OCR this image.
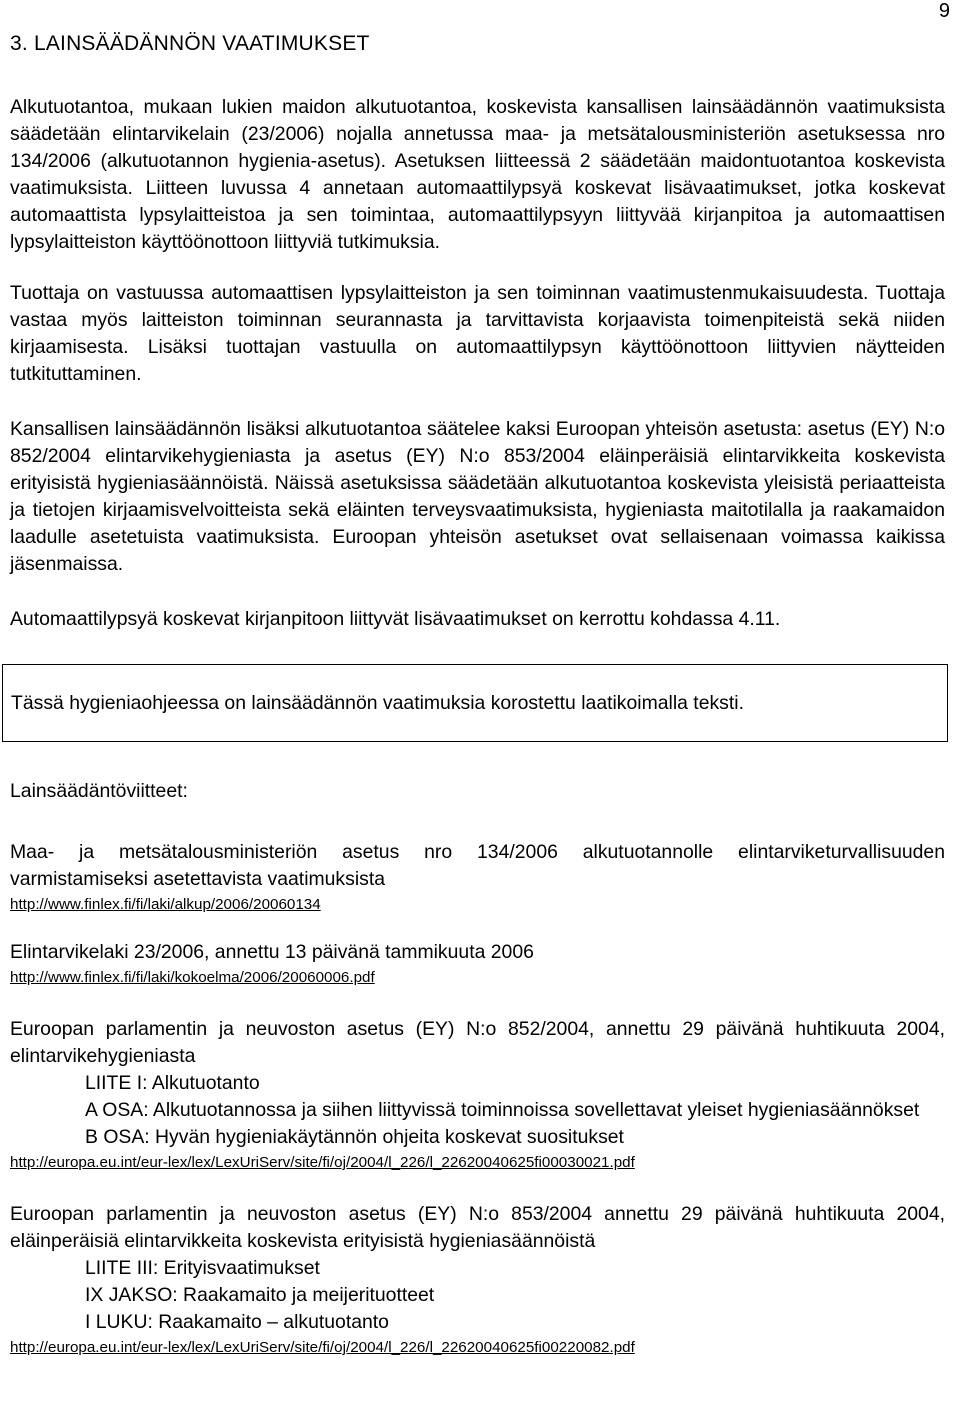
9
3. LAINSÄÄDÄNNÖN VAATIMUKSET

Alkutuotantoa, mukaan lukien maidon alkutuotantoa, koskevista kansallisen lainsäädännön vaatimuksista säädetään elintarvikelain (23/2006) nojalla annetussa maa- ja metsätalousministeriön asetuksessa nro 134/2006 (alkutuotannon hygienia-asetus). Asetuksen liitteessä 2 säädetään maidontuotantoa koskevista vaatimuksista. Liitteen luvussa 4 annetaan automaattilypsyä koskevat lisävaatimukset, jotka koskevat automaattista lypsylaitteistoa ja sen toimintaa, automaattilypsyyn liittyvää kirjanpitoa ja automaattisen lypsylaitteiston käyttöönottoon liittyviä tutkimuksia.

Tuottaja on vastuussa automaattisen lypsylaitteiston ja sen toiminnan vaatimustenmukaisuudesta. Tuottaja vastaa myös laitteiston toiminnan seurannasta ja tarvittavista korjaavista toimenpiteistä sekä niiden kirjaamisesta. Lisäksi tuottajan vastuulla on automaattilypsyn käyttöönottoon liittyvien näytteiden tutkituttaminen.

Kansallisen lainsäädännön lisäksi alkutuotantoa säätelee kaksi Euroopan yhteisön asetusta: asetus (EY) N:o 852/2004 elintarvikehygieniasta ja asetus (EY) N:o 853/2004 eläinperäisiä elintarvikkeita koskevista erityisistä hygieniasäännöistä. Näissä asetuksissa säädetään alkutuotantoa koskevista yleisistä periaatteista ja tietojen kirjaamisvelvoitteista sekä eläinten terveysvaatimuksista, hygieniasta maitotilalla ja raakamaidon laadulle asetetuista vaatimuksista. Euroopan yhteisön asetukset ovat sellaisenaan voimassa kaikissa jäsenmaissa.

Automaattilypsyä koskevat kirjanpitoon liittyvät lisävaatimukset on kerrottu kohdassa 4.11.

Tässä hygieniaohjeessa on lainsäädännön vaatimuksia korostettu laatikoimalla teksti.
Lainsäädäntöviitteet:
Maa- ja metsätalousministeriön asetus nro 134/2006 alkutuotannolle elintarviketurvallisuuden varmistamiseksi asetettavista vaatimuksista
http://www.finlex.fi/fi/laki/alkup/2006/20060134
Elintarvikelaki 23/2006, annettu 13 päivänä tammikuuta 2006
http://www.finlex.fi/fi/laki/kokoelma/2006/20060006.pdf
Euroopan parlamentin ja neuvoston asetus (EY) N:o 852/2004, annettu 29 päivänä huhtikuuta 2004, elintarvikehygieniasta
LIITE I: Alkutuotanto
A OSA: Alkutuotannossa ja siihen liittyvissä toiminnoissa sovellettavat yleiset hygieniasäännökset
B OSA: Hyvän hygieniakäytännön ohjeita koskevat suositukset
http://europa.eu.int/eur-lex/lex/LexUriServ/site/fi/oj/2004/l_226/l_22620040625fi00030021.pdf
Euroopan parlamentin ja neuvoston asetus (EY) N:o 853/2004 annettu 29 päivänä huhtikuuta 2004, eläinperäisiä elintarvikkeita koskevista erityisistä hygieniasäännöistä
LIITE III: Erityisvaatimukset
IX JAKSO: Raakamaito ja meijerituotteet
I LUKU: Raakamaito – alkutuotanto
http://europa.eu.int/eur-lex/lex/LexUriServ/site/fi/oj/2004/l_226/l_22620040625fi00220082.pdf
